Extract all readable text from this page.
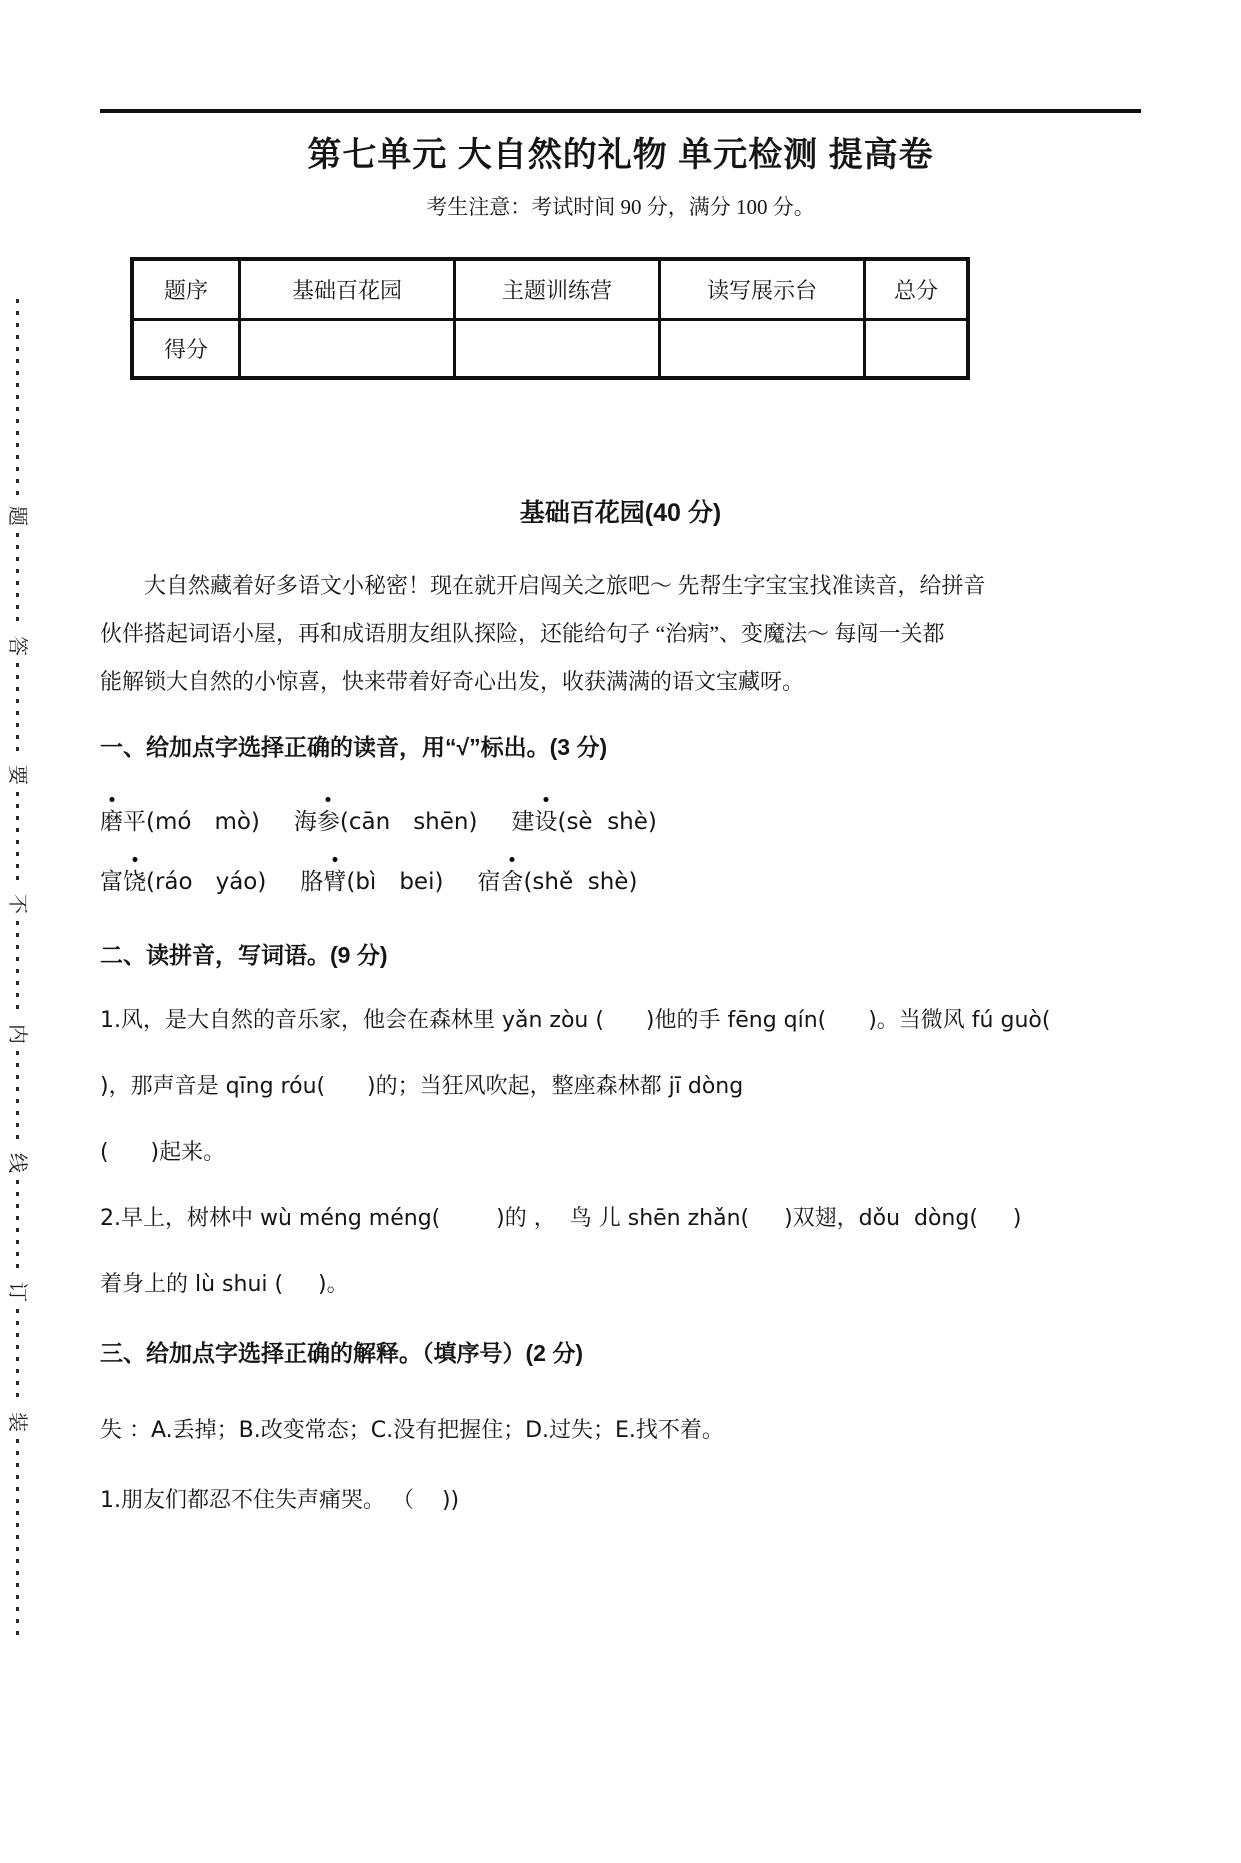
题
答
要
不
内
线
订
装
第七单元 大自然的礼物 单元检测 提高卷
考生注意：考试时间 90 分，满分 100 分。
题序	基础百花园	主题训练营	读写展示台	总分
得分				
基础百花园(40 分)
大自然藏着好多语文小秘密！现在就开启闯关之旅吧～ 先帮生字宝宝找准读音，给拼音
伙伴搭起词语小屋，再和成语朋友组队探险，还能给句子 “治病”、变魔法～ 每闯一关都
能解锁大自然的小惊喜，快来带着好奇心出发，收获满满的语文宝藏呀。
一、给加点字选择正确的读音，用“√”标出。(3 分)
磨平(mó　mò) 海参(cān　shēn) 建设(sè  shè)
富饶(ráo　yáo) 胳臂(bì　bei) 宿舍(shě  shè)
二、读拼音，写词语。(9 分)
1.风，是大自然的音乐家，他会在森林里 yǎn zòu (      )他的手 fēng qín(      )。当微风 fú guò(
)，那声音是 qīng róu(      )的；当狂风吹起，整座森林都 jī dòng
(      )起来。
2.早上，树林中 wù méng méng(        )的 ，  鸟 儿 shēn zhǎn(     )双翅，dǒu  dòng(     )
着身上的 lù shui (     )。
三、给加点字选择正确的解释。（填序号）(2 分)
失 ：A.丢掉；B.改变常态；C.没有把握住；D.过失；E.找不着。
1.朋友们都忍不住失声痛哭。 （    ))
